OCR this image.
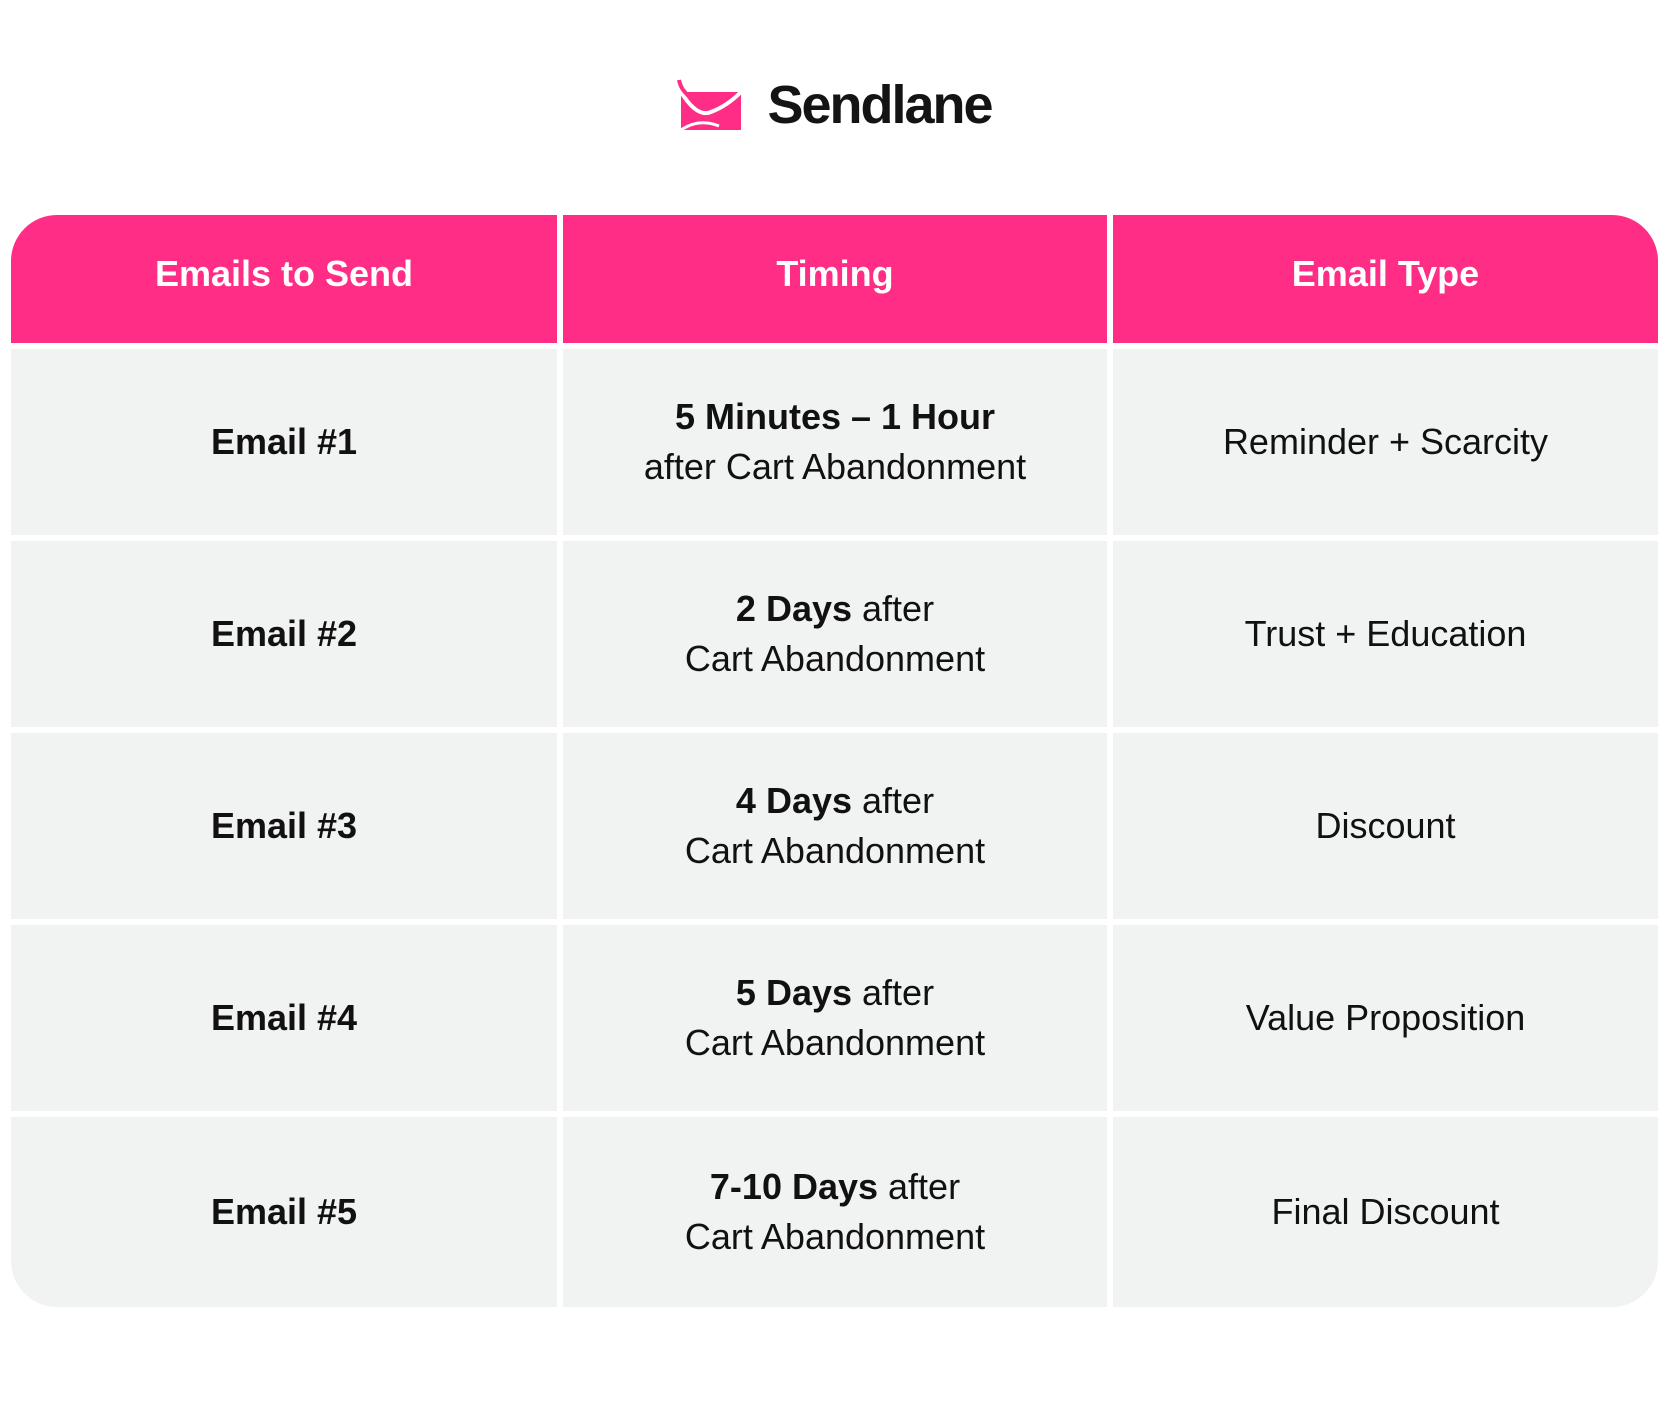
Sendlane
Emails to Send	Timing	Email Type
Email #1
5 Minutes – 1 Hour
after Cart Abandonment
Reminder + Scarcity
Email #2
2 Days after
Cart Abandonment
Trust + Education
Email #3
4 Days after
Cart Abandonment
Discount
Email #4
5 Days after
Cart Abandonment
Value Proposition
Email #5
7-10 Days after
Cart Abandonment
Final Discount
